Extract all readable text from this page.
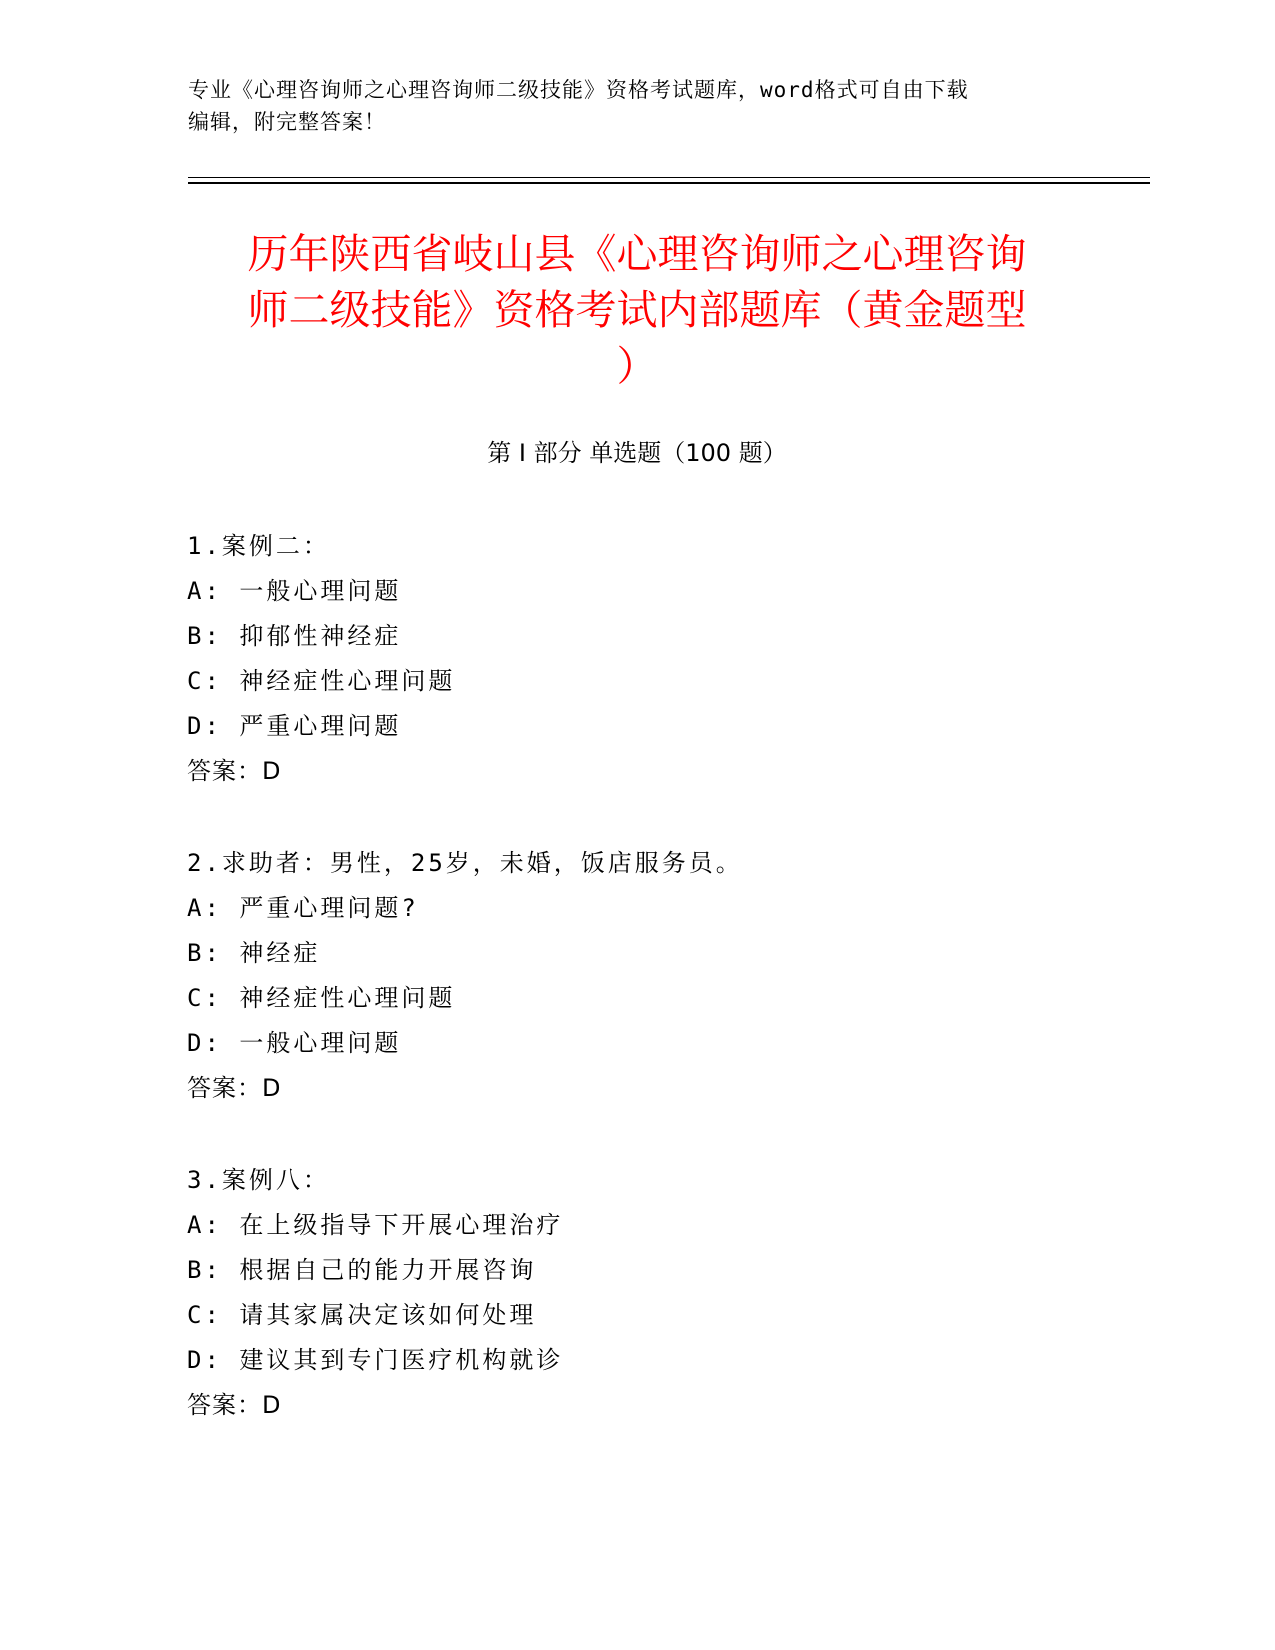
专业《心理咨询师之心理咨询师二级技能》资格考试题库，word格式可自由下载
编辑，附完整答案！
历年陕西省岐山县《心理咨询师之心理咨询
师二级技能》资格考试内部题库（黄金题型
）
第 I 部分 单选题（100 题）
1.案例二：
A: 一般心理问题
B: 抑郁性神经症
C: 神经症性心理问题
D: 严重心理问题
答案：D
2.求助者：男性，25岁，未婚，饭店服务员。
A: 严重心理问题?
B: 神经症
C: 神经症性心理问题
D: 一般心理问题
答案：D
3.案例八：
A: 在上级指导下开展心理治疗
B: 根据自己的能力开展咨询
C: 请其家属决定该如何处理
D: 建议其到专门医疗机构就诊
答案：D
